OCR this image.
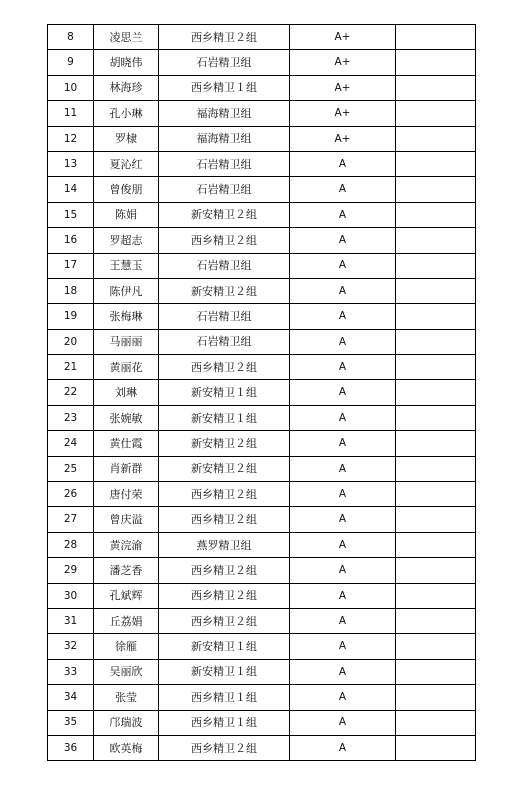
8	凌思兰	西乡精卫２组	A+	
9	胡晓伟	石岩精卫组	A+	
10	林海珍	西乡精卫１组	A+	
11	孔小琳	福海精卫组	A+	
12	罗棣	福海精卫组	A+	
13	夏沁红	石岩精卫组	A	
14	曾俊朋	石岩精卫组	A	
15	陈娟	新安精卫２组	A	
16	罗超志	西乡精卫２组	A	
17	王慧玉	石岩精卫组	A	
18	陈伊凡	新安精卫２组	A	
19	张梅琳	石岩精卫组	A	
20	马丽丽	石岩精卫组	A	
21	黄丽花	西乡精卫２组	A	
22	刘琳	新安精卫１组	A	
23	张婉敏	新安精卫１组	A	
24	黄仕霞	新安精卫２组	A	
25	肖新群	新安精卫２组	A	
26	唐付荣	西乡精卫２组	A	
27	曾庆溢	西乡精卫２组	A	
28	黄浣渝	燕罗精卫组	A	
29	潘芝香	西乡精卫２组	A	
30	孔斌辉	西乡精卫２组	A	
31	丘荔娟	西乡精卫２组	A	
32	徐雁	新安精卫１组	A	
33	吴丽欣	新安精卫１组	A	
34	张莹	西乡精卫１组	A	
35	邝瑞波	西乡精卫１组	A	
36	欧英梅	西乡精卫２组	A	
